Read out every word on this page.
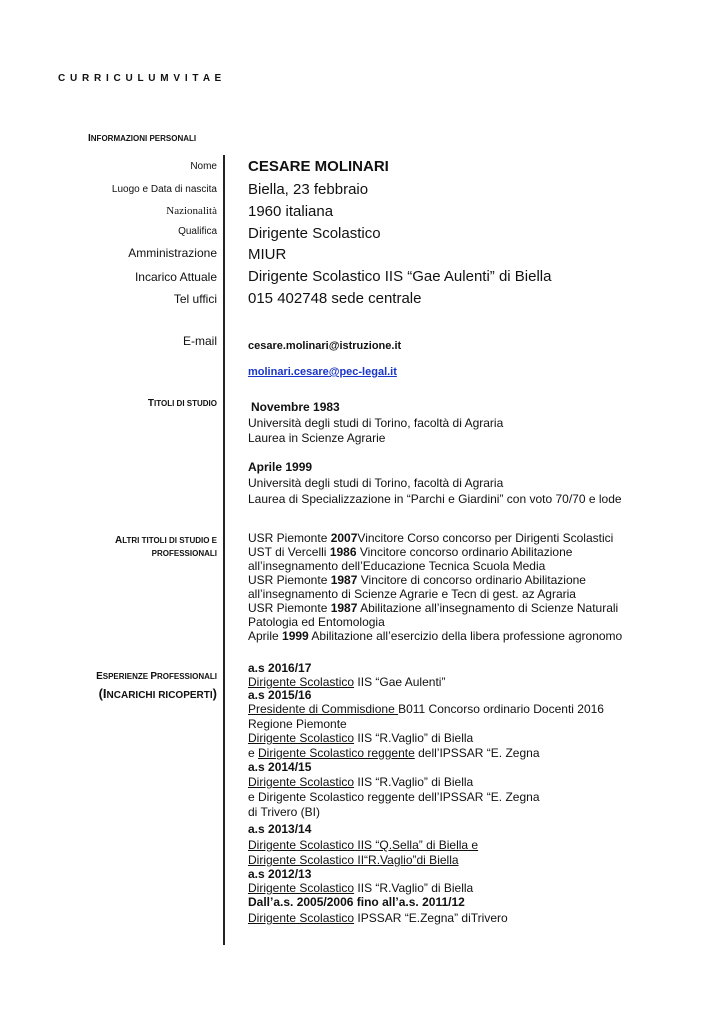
C U R R I C U L U M V I T A E
INFORMAZIONI PERSONALI
Nome
Luogo e Data di nascita
Nazionalità
Qualifica
Amministrazione
Incarico Attuale
Tel uffici
E-mail
CESARE MOLINARI
Biella, 23 febbraio
1960 italiana
Dirigente Scolastico
MIUR
Dirigente Scolastico IIS “Gae Aulenti” di Biella
015 402748 sede centrale
cesare.molinari@istruzione.it
molinari.cesare@pec-legal.it
TITOLI DI STUDIO	Novembre 1983
Università degli studi di Torino, facoltà di Agraria
Laurea in Scienze Agrarie
Aprile 1999
Università degli studi di Torino, facoltà di Agraria
Laurea di Specializzazione in “Parchi e Giardini” con voto 70/70 e lode
ALTRI TITOLI DI STUDIO E
PROFESSIONALI
USR Piemonte 2007Vincitore Corso concorso per Dirigenti Scolastici
UST di Vercelli 1986 Vincitore concorso ordinario Abilitazione
all’insegnamento dell’Educazione Tecnica Scuola Media
USR Piemonte 1987 Vincitore di concorso ordinario Abilitazione
all’insegnamento di Scienze Agrarie e Tecn di gest. az Agraria
USR Piemonte 1987 Abilitazione all’insegnamento di Scienze Naturali
Patologia ed Entomologia
Aprile 1999 Abilitazione all’esercizio della libera professione agronomo
ESPERIENZE PROFESSIONALI
(INCARICHI RICOPERTI)
a.s 2016/17
Dirigente Scolastico IIS “Gae Aulenti”
a.s 2015/16
Presidente di Commisdione B011 Concorso ordinario Docenti 2016
Regione Piemonte
Dirigente Scolastico IIS “R.Vaglio” di Biella
e Dirigente Scolastico reggente dell’IPSSAR “E. Zegna
a.s 2014/15
Dirigente Scolastico IIS “R.Vaglio” di Biella
e Dirigente Scolastico reggente dell’IPSSAR “E. Zegna
di Trivero (BI)
a.s 2013/14
Dirigente Scolastico IIS “Q.Sella” di Biella e
Dirigente Scolastico II“R.Vaglio”di Biella
a.s 2012/13
Dirigente Scolastico IIS “R.Vaglio” di Biella
Dall’a.s. 2005/2006 fino all’a.s. 2011/12
Dirigente Scolastico IPSSAR “E.Zegna” diTrivero
